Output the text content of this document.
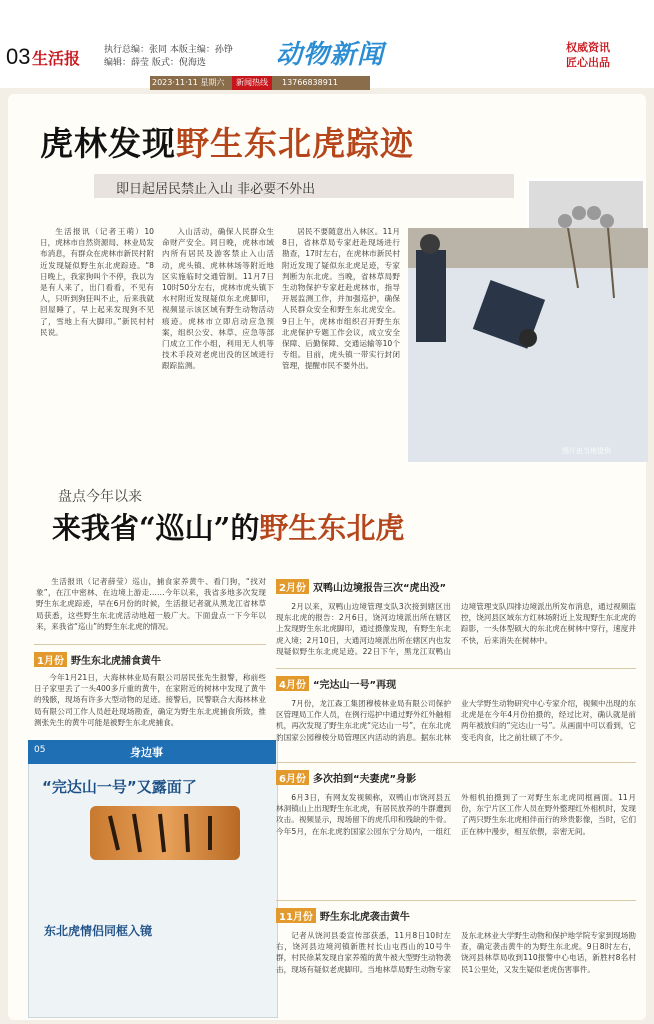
03 生活报	执行总编：张同 本版主编：孙铮
编辑：薛莹 版式：倪海选	动物新闻	权威资讯
匠心出品
2023·11·11 星期六	新闻热线	13766838911
虎林发现野生东北虎踪迹
即日起居民禁止入山 非必要不外出

生活报讯（记者王萌）10日，虎林市自然资源局、林业局发布消息，有群众在虎林市新民村附近发现疑似野生东北虎踪迹。“8日晚上，我家狗叫个不停，我以为是有人来了，出门看看，不见有人，只听到狗狂叫不止，后来我就回屋睡了，早上起来发现狗不见了，雪地上有大脚印。”新民村村民说。

入山活动，确保人民群众生命财产安全。同日晚，虎林市域内所有居民及游客禁止入山活动，虎头镇、虎林林场等附近地区实施临时交通管制。11月7日10时50分左右，虎林市虎头镇下水村附近发现疑似东北虎脚印，视频显示该区域有野生动物活动痕迹。虎林市立即启动应急预案，组织公安、林草、应急等部门成立工作小组，利用无人机等技术手段对老虎出没的区域进行跟踪监测。

居民不要随意出入林区。11月8日，省林草局专家赶赴现场进行勘查，17时左右，在虎林市新民村附近发现了疑似东北虎足迹，专家判断为东北虎。当晚，省林草局野生动物保护专家赶赴虎林市，指导开展监测工作，并加强巡护，确保人民群众安全和野生东北虎安全。9日上午，虎林市组织召开野生东北虎保护专题工作会议，成立安全保障、后勤保障、交通运输等10个专组。目前，虎头镇一带实行封闭管理，提醒市民不要外出。

图片由当地提供
盘点今年以来
来我省“巡山”的野生东北虎

生活报讯（记者薛莹）巡山，捕食家养黄牛、看门狗，“找对象”，在江中密林、在边境上游走……今年以来，我省多地多次发现野生东北虎踪迹，早在6月份的时候，生活报记者就从黑龙江省林草局获悉，这些野生东北虎活动地超一般广大。下面盘点一下今年以来，来我省“巡山”的野生东北虎的情况。

1月份 野生东北虎捕食黄牛

今年1月21日，大海林林业局有限公司居民张先生报警，称前些日子家里丢了一头400多斤重的黄牛，在家附近的树林中发现了黄牛的残骸，现场有许多大型动物的足迹。接警后，民警联合大海林林业局有限公司工作人员赶赴现场勘查，确定为野生东北虎捕食所致，推测张先生的黄牛可能是被野生东北虎捕食。

05	身边事
“完达山一号”又露面了
东北虎情侣同框入镜
2月份 双鸭山边境报告三次“虎出没”

2月以来，双鸭山边境管理支队3次接到辖区出现东北虎的报告：2月6日，饶河边境派出所在辖区上发现野生东北虎脚印，通过摄像发现，有野生东北虎入境；2月10日，大通河边境派出所在辖区内也发现疑似野生东北虎足迹。22日下午，黑龙江双鸭山边境管理支队四排边境派出所发布消息，通过视频监控，饶河县区域东方红林场附近上发现野生东北虎的踪影，一头体型硕大的东北虎在树林中穿行，速度并不快，后来消失在树林中。

4月份 “完达山一号”再现

7月份，龙江森工集团穆棱林业局有限公司保护区管理局工作人员，在例行巡护中通过野外红外触相机，再次发现了野生东北虎“完达山一号”，在东北虎豹国家公园穆棱分局管理区内活动的消息。据东北林业大学野生动物研究中心专家介绍，视频中出现的东北虎是在今年4月份拍摄的，经过比对，确认就是前两年被放归的“完达山一号”。从画面中可以看到，它变毛肉食，比之前壮硕了不少。

6月份 多次拍到“夫妻虎”身影

6月3日，有网友发视频称，双鸭山市饶河县五林洞镇山上出现野生东北虎，有居民放养的牛群遭到攻击。视频显示，现场留下的虎爪印和残缺的牛骨。今年5月，在东北虎豹国家公园东宁分局内，一组红外相机拍摄到了一对野生东北虎同框画面。11月份，东宁片区工作人员在野外整理红外相机时，发现了两只野生东北虎相伴而行的珍贵影像，当时，它们正在林中漫步，相互依偎，亲密无间。

11月份 野生东北虎袭击黄牛

记者从饶河县委宣传部获悉，11月8日10时左右，饶河县边境河镇新胜村长山屯西山的10号牛群，村民徐某发现自家养殖的黄牛被大型野生动物袭击，现场有疑似老虎脚印。当地林草局野生动物专家及东北林业大学野生动物和保护地学院专家到现场勘查，确定袭击黄牛的为野生东北虎。9日8时左右，饶河县林草局收到110报警中心电话，新胜村8名村民1公里处，又发生疑似老虎伤害事件。
